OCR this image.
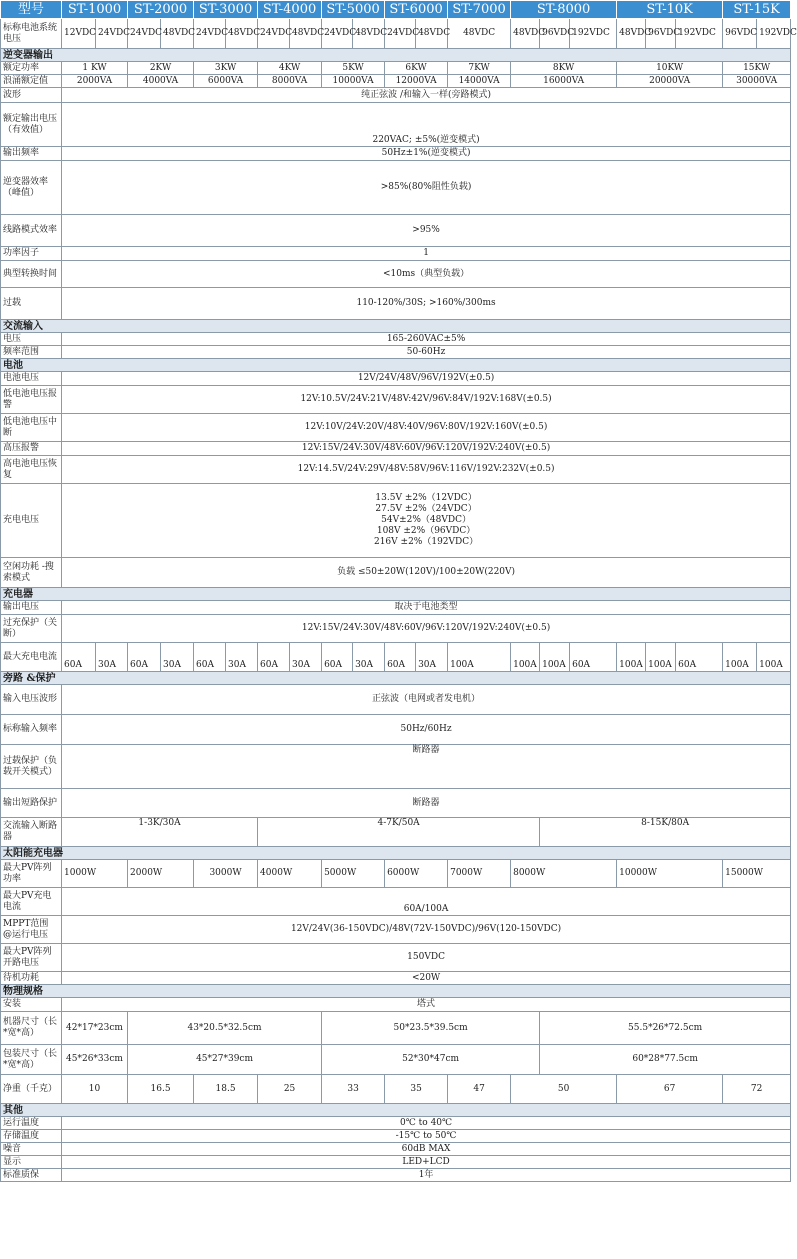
型号	ST-1000		ST-2000		ST-3000		ST-4000		ST-5000		ST-6000		ST-7000	ST-8000			ST-10K			ST-15K	
标称电池系统电压	12VDC	24VDC	24VDC	48VDC	24VDC	48VDC	24VDC	48VDC	24VDC	48VDC	24VDC	48VDC	48VDC	48VDC	96VDC	192VDC	48VDC	96VDC	192VDC	96VDC	192VDC
逆变器输出																					
额定功率	1 KW		2KW		3KW		4KW		5KW		6KW		7KW	8KW			10KW			15KW	
浪涌额定值	2000VA		4000VA		6000VA		8000VA		10000VA		12000VA		14000VA	16000VA			20000VA			30000VA	
波形	纯正弦波 /和输入一样(旁路模式)																				
额定输出电压（有效值）	220VAC; ±5%(逆变模式)																				
输出频率	50Hz±1%(逆变模式)																				
逆变器效率（峰值）	>85%(80%阻性负载)																				
线路模式效率	>95%																				
功率因子	1																				
典型转换时间	<10ms（典型负载）																				
过载	110-120%/30S; >160%/300ms																				
交流输入																					
电压	165-260VAC±5%																				
频率范围	50-60Hz																				
电池																					
电池电压	12V/24V/48V/96V/192V(±0.5)																				
低电池电压报警	12V:10.5V/24V:21V/48V:42V/96V:84V/192V:168V(±0.5)																				
低电池电压中断	12V:10V/24V:20V/48V:40V/96V:80V/192V:160V(±0.5)																				
高压报警	12V:15V/24V:30V/48V:60V/96V:120V/192V:240V(±0.5)																				
高电池电压恢复	12V:14.5V/24V:29V/48V:58V/96V:116V/192V:232V(±0.5)																				
充电电压	13.5V ±2%（12VDC）
27.5V ±2%（24VDC）
54V±2%（48VDC）
108V ±2%（96VDC）
216V ±2%（192VDC）																				

空闲功耗 -搜索模式	负载 ≤50±20W(120V)/100±20W(220V)																				
充电器																					
输出电压	取决于电池类型																				
过充保护（关断）	12V:15V/24V:30V/48V:60V/96V:120V/192V:240V(±0.5)																				
最大充电电流	60A	30A	60A	30A	60A	30A	60A	30A	60A	30A	60A	30A	100A	100A	100A	60A	100A	100A	60A	100A	100A
旁路 &保护																					
输入电压波形	正弦波（电网或者发电机）																				
标称输入频率	50Hz/60Hz																				
过载保护（负载开关模式）	断路器																				
输出短路保护	断路器																				
交流输入断路器	1-3K/30A						4-7K/50A								8-15K/80A						
太阳能充电器																					
最大PV阵列功率	1000W		2000W		3000W		4000W		5000W		6000W		7000W	8000W			10000W			15000W	
最大PV充电电流	60A/100A																				
MPPT范围 @运行电压	12V/24V(36-150VDC)/48V(72V-150VDC)/96V(120-150VDC)																				
最大PV阵列开路电压	150VDC																				
待机功耗	<20W																				
物理规格																					
安装	塔式																				
机器尺寸（长*宽*高）	42*17*23cm		43*20.5*32.5cm						50*23.5*39.5cm						55.5*26*72.5cm						
包装尺寸（长*宽*高）	45*26*33cm		45*27*39cm						52*30*47cm						60*28*77.5cm						
净重（千克）	10		16.5		18.5		25		33		35		47	50			67			72	
其他																					
运行温度	0℃ to 40℃																				
存储温度	-15℃ to 50℃																				
噪音	60dB MAX																				
显示	LED+LCD																				
标准质保	1年																				
